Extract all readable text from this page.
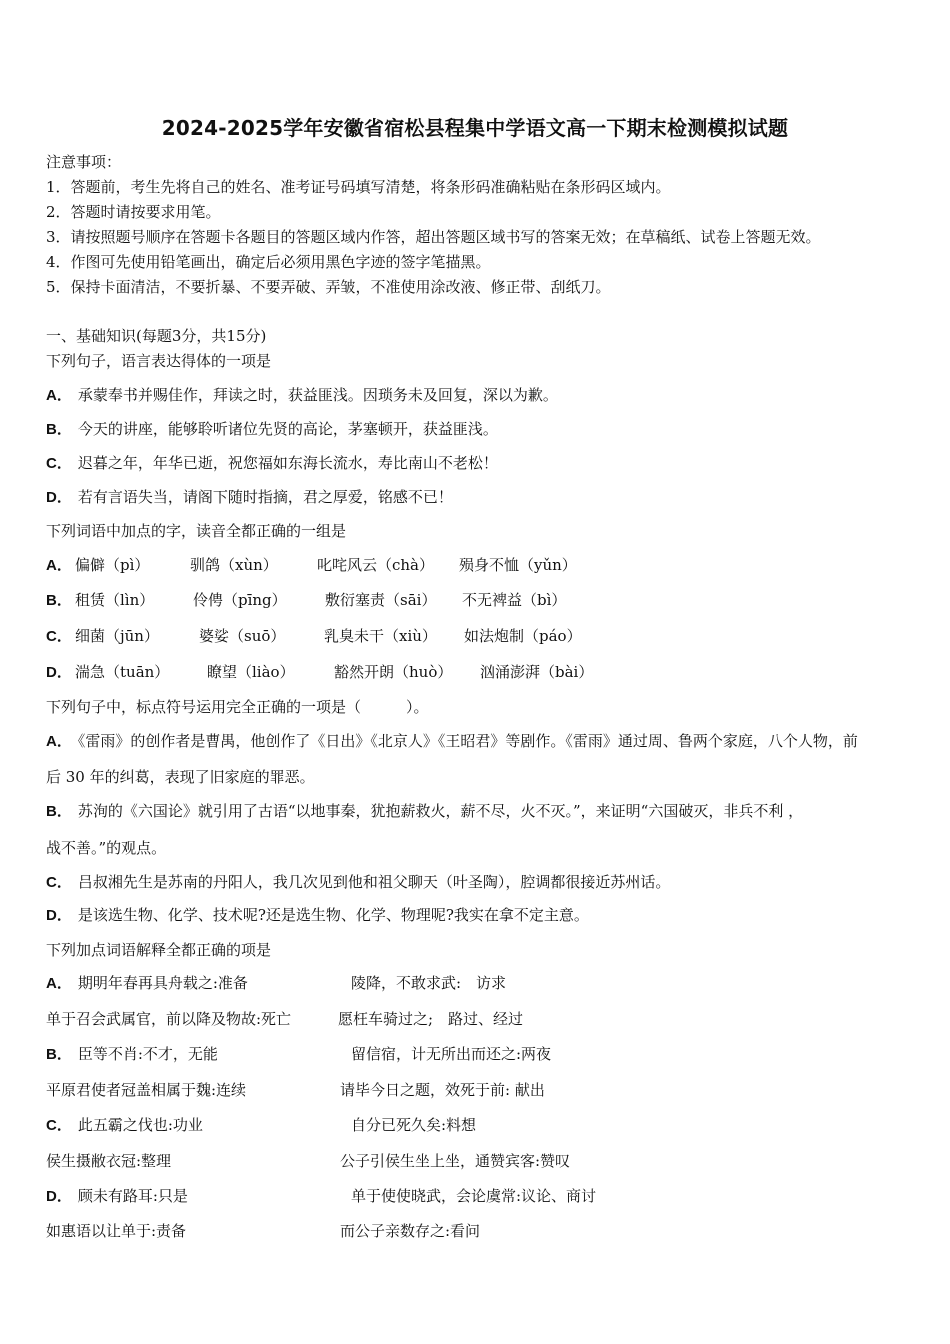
2024-2025学年安徽省宿松县程集中学语文高一下期末检测模拟试题
注意事项：
1．答题前，考生先将自己的姓名、准考证号码填写清楚，将条形码准确粘贴在条形码区域内。
2．答题时请按要求用笔。
3．请按照题号顺序在答题卡各题目的答题区域内作答，超出答题区域书写的答案无效；在草稿纸、试卷上答题无效。
4．作图可先使用铅笔画出，确定后必须用黑色字迹的签字笔描黑。
5．保持卡面清洁，不要折暴、不要弄破、弄皱，不准使用涂改液、修正带、刮纸刀。
一、基础知识(每题3分，共15分)
下列句子，语言表达得体的一项是
A． 承蒙奉书并赐佳作，拜读之时，获益匪浅。因琐务未及回复，深以为歉。
B． 今天的讲座，能够聆听诸位先贤的高论，茅塞顿开，获益匪浅。
C． 迟暮之年，年华已逝，祝您福如东海长流水，寿比南山不老松！
D． 若有言语失当，请阁下随时指摘，君之厚爱，铭感不已！
下列词语中加点的字，读音全都正确的一组是
A． 偏僻（pì）	驯鸽（xùn）	叱咤风云（chà） 殒身不恤（yǔn）
B． 租赁（lìn）	伶俜（pīng）	敷衍塞责（sāi） 不无裨益（bì）
C． 细菌（jūn）	婆娑（suō）	乳臭未干（xiù） 如法炮制（páo）
D． 湍急（tuān）	瞭望（liào）	豁然开朗（huò） 汹涌澎湃（bài）
下列句子中，标点符号运用完全正确的一项是（　　　）。
A． 《雷雨》的创作者是曹禺，他创作了《日出》《北京人》《王昭君》等剧作。《雷雨》通过周、鲁两个家庭，八个人物，前
后 30 年的纠葛，表现了旧家庭的罪恶。
B． 苏洵的《六国论》就引用了古语“以地事秦，犹抱薪救火，薪不尽，火不灭。”，来证明“六国破灭，非兵不利 ，
战不善。”的观点。
C． 吕叔湘先生是苏南的丹阳人，我几次见到他和祖父聊天（叶圣陶），腔调都很接近苏州话。
D． 是该选生物、化学、技术呢?还是选生物、化学、物理呢?我实在拿不定主意。
下列加点词语解释全都正确的项是
A． 期明年春再具舟载之:准备	陵降，不敢求武:　访求
单于召会武属官，前以降及物故:死亡	愿枉车骑过之;　路过、经过
B． 臣等不肖:不才，无能	留信宿，计无所出而还之:两夜
平原君使者冠盖相属于魏:连续	请毕今日之题，效死于前: 献出
C． 此五霸之伐也:功业	自分已死久矣:料想
侯生摄敝衣冠:整理	公子引侯生坐上坐，通赞宾客:赞叹
D． 顾未有路耳:只是	单于使使晓武，会论虞常:议论、商讨
如惠语以让单于:责备	而公子亲数存之:看问
